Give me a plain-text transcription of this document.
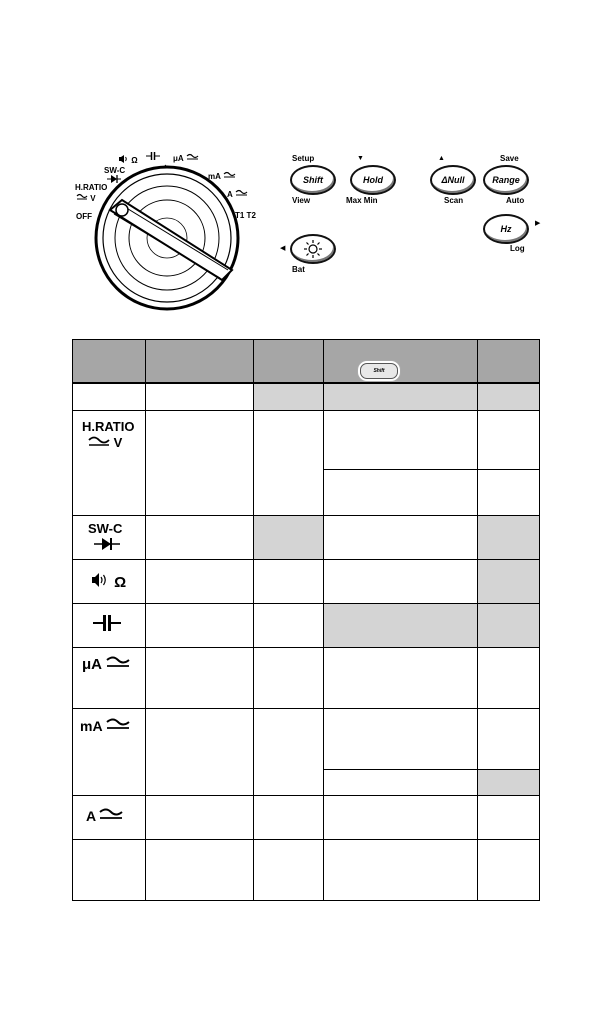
OFF
H.RATIO
V
SW-C
Ω	μA
mA
A
T1 T2
Setup
Shift
View
▼
Hold
Max Min
▲
ΔNull
Scan
Save
Range
Auto
◀
Bat
Hz
▶
Log
Shift
H.RATIO
V
SW-C
Ω
μA
mA
A
